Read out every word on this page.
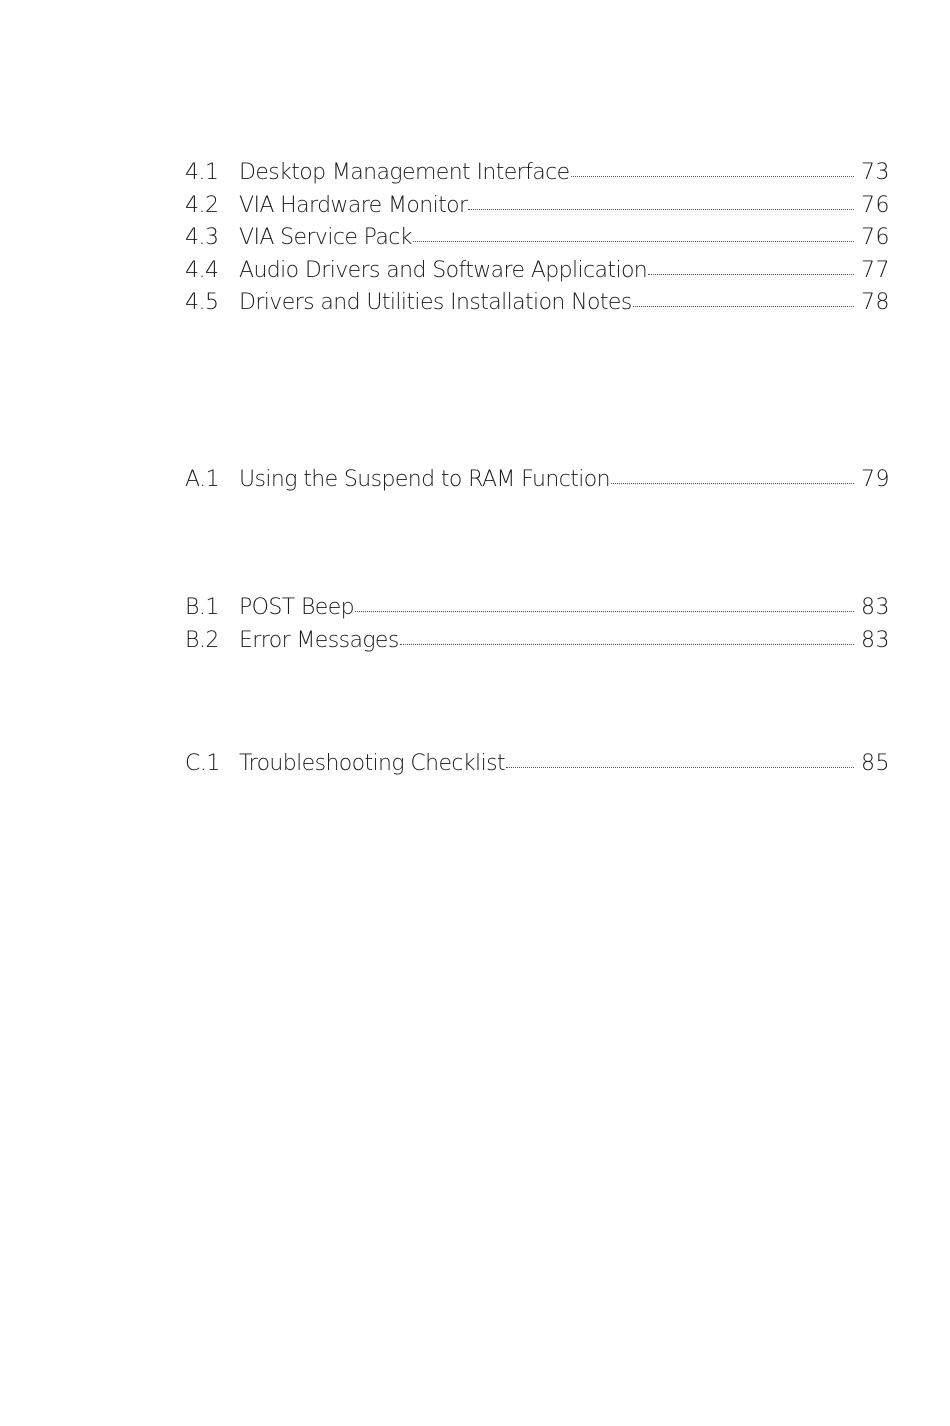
4.1 Desktop Management Interface	73
4.2 VIA Hardware Monitor	76
4.3 VIA Service Pack	76
4.4 Audio Drivers and Software Application	77
4.5 Drivers and Utilities Installation Notes	78
A.1 Using the Suspend to RAM Function	79
B.1 POST Beep	83
B.2 Error Messages	83
C.1 Troubleshooting Checklist	85
